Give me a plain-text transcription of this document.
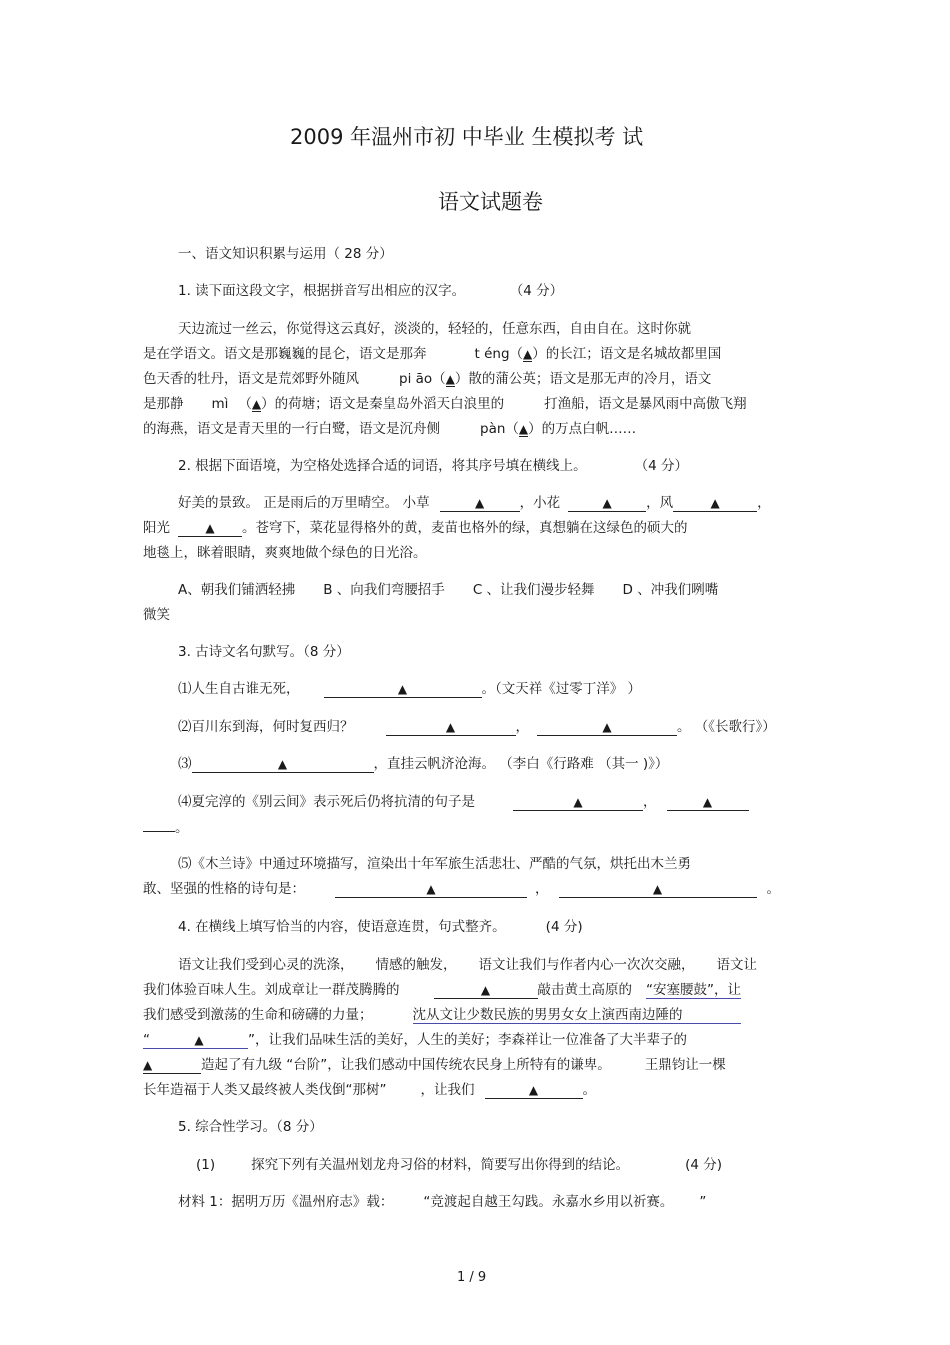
2009 年温州市初 中毕业 生模拟考 试
语文试题卷
一、语文知识积累与运用（ 28 分）
1. 读下面这段文字，根据拼音写出相应的汉字。	（4 分）
天边流过一丝云，你觉得这云真好，淡淡的，轻轻的，任意东西，自由自在。这时你就
是在学语文。语文是那巍巍的昆仑，语文是那奔	t éng（▲）的长江；语文是名城故都里国
色天香的牡丹，语文是荒郊野外随风	pi āo（▲）散的蒲公英；语文是那无声的冷月，语文
是那静 mì （▲）的荷塘；语文是秦皇岛外滔天白浪里的	打渔船，语文是暴风雨中高傲飞翔
的海燕，语文是青天里的一行白鹭，语文是沉舟侧	pàn（▲）的万点白帆……
2. 根据下面语境，为空格处选择合适的词语，将其序号填在横线上。	（4 分）
好美的景致。 正是雨后的万里晴空。 小草	▲	，小花	▲	，风	▲	，
阳光	▲ 。苍穹下，菜花显得格外的黄，麦苗也格外的绿，真想躺在这绿色的硕大的
地毯上，眯着眼睛，爽爽地做个绿色的日光浴。
A、朝我们铺洒轻拂 B 、向我们弯腰招手 C 、让我们漫步轻舞 D 、冲我们咧嘴
微笑
3. 古诗文名句默写。（8 分）
⑴人生自古谁无死，	▲	。（文天祥《过零丁洋》 ）
⑵百川东到海，何时复西归？	▲	，	▲	。 （《长歌行》）
⑶	▲	，直挂云帆济沧海。 （李白《行路难 （其一 )》）
⑷夏完淳的《别云间》表示死后仍将抗清的句子是	▲	，	▲
。
⑸《木兰诗》中通过环境描写，渲染出十年军旅生活悲壮、严酷的气氛，烘托出木兰勇
敢、坚强的性格的诗句是：	▲	，	▲	。
4. 在横线上填写恰当的内容，使语意连贯，句式整齐。	(4 分)
语文让我们受到心灵的洗涤， 情感的触发， 语文让我们与作者内心一次次交融， 语文让
我们体验百味人生。刘成章让一群茂腾腾的	▲	敲击黄土高原的 “安塞腰鼓”，让
我们感受到激荡的生命和磅礴的力量；	沈从文让少数民族的男男女女上演西南边陲的
“	▲	”，让我们品味生活的美好，人生的美好；李森祥让一位准备了大半辈子的
▲	造起了有九级 “台阶”，让我们感动中国传统农民身上所特有的谦卑。	王鼎钧让一棵
长年造福于人类又最终被人类伐倒“那树”	，让我们	▲	。
5. 综合性学习。（8 分）
(1)	探究下列有关温州划龙舟习俗的材料，简要写出你得到的结论。	(4 分)
材料 1：据明万历《温州府志》载： “竞渡起自越王勾践。永嘉水乡用以祈赛。 ”
1 / 9
